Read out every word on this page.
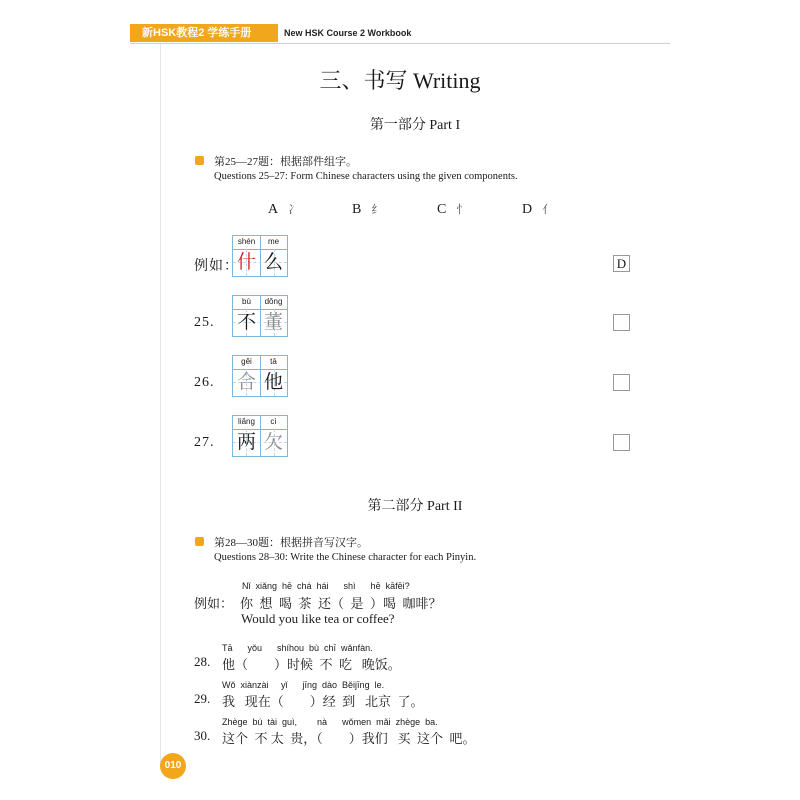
新HSK教程2 学练手册	New HSK Course 2 Workbook
三、书写 Writing
第一部分 Part I
第25—27题：根据部件组字。
Questions 25–27: Form Chinese characters using the given components.
A 冫	B 纟	C 忄	D 亻
例如：
shén	me
什 么	D
25.
bù	dǒng
不 董
26.
gěi	tā
合 他
27.
liǎng	cì
两 欠
第二部分 Part II
第28—30题：根据拼音写汉字。
Questions 28–30: Write the Chinese character for each Pinyin.
Nǐ  xiǎng  hē  chá  hái      shì      hē  kāfēi?
例如： 你  想  喝  茶  还（  是  ）喝  咖啡？
Would you like tea or coffee?
Tā      yǒu      shíhou  bù  chī  wǎnfàn.
28. 他（        ）时候  不  吃   晚饭。
Wǒ  xiànzài     yǐ      jīng  dào  Běijīng  le.
29. 我   现在（        ）经  到   北京  了。
Zhège  bú  tài  guì,        nà      wǒmen  mǎi  zhège  ba.
30. 这个  不 太  贵，（        ）我们   买  这个  吧。
010
